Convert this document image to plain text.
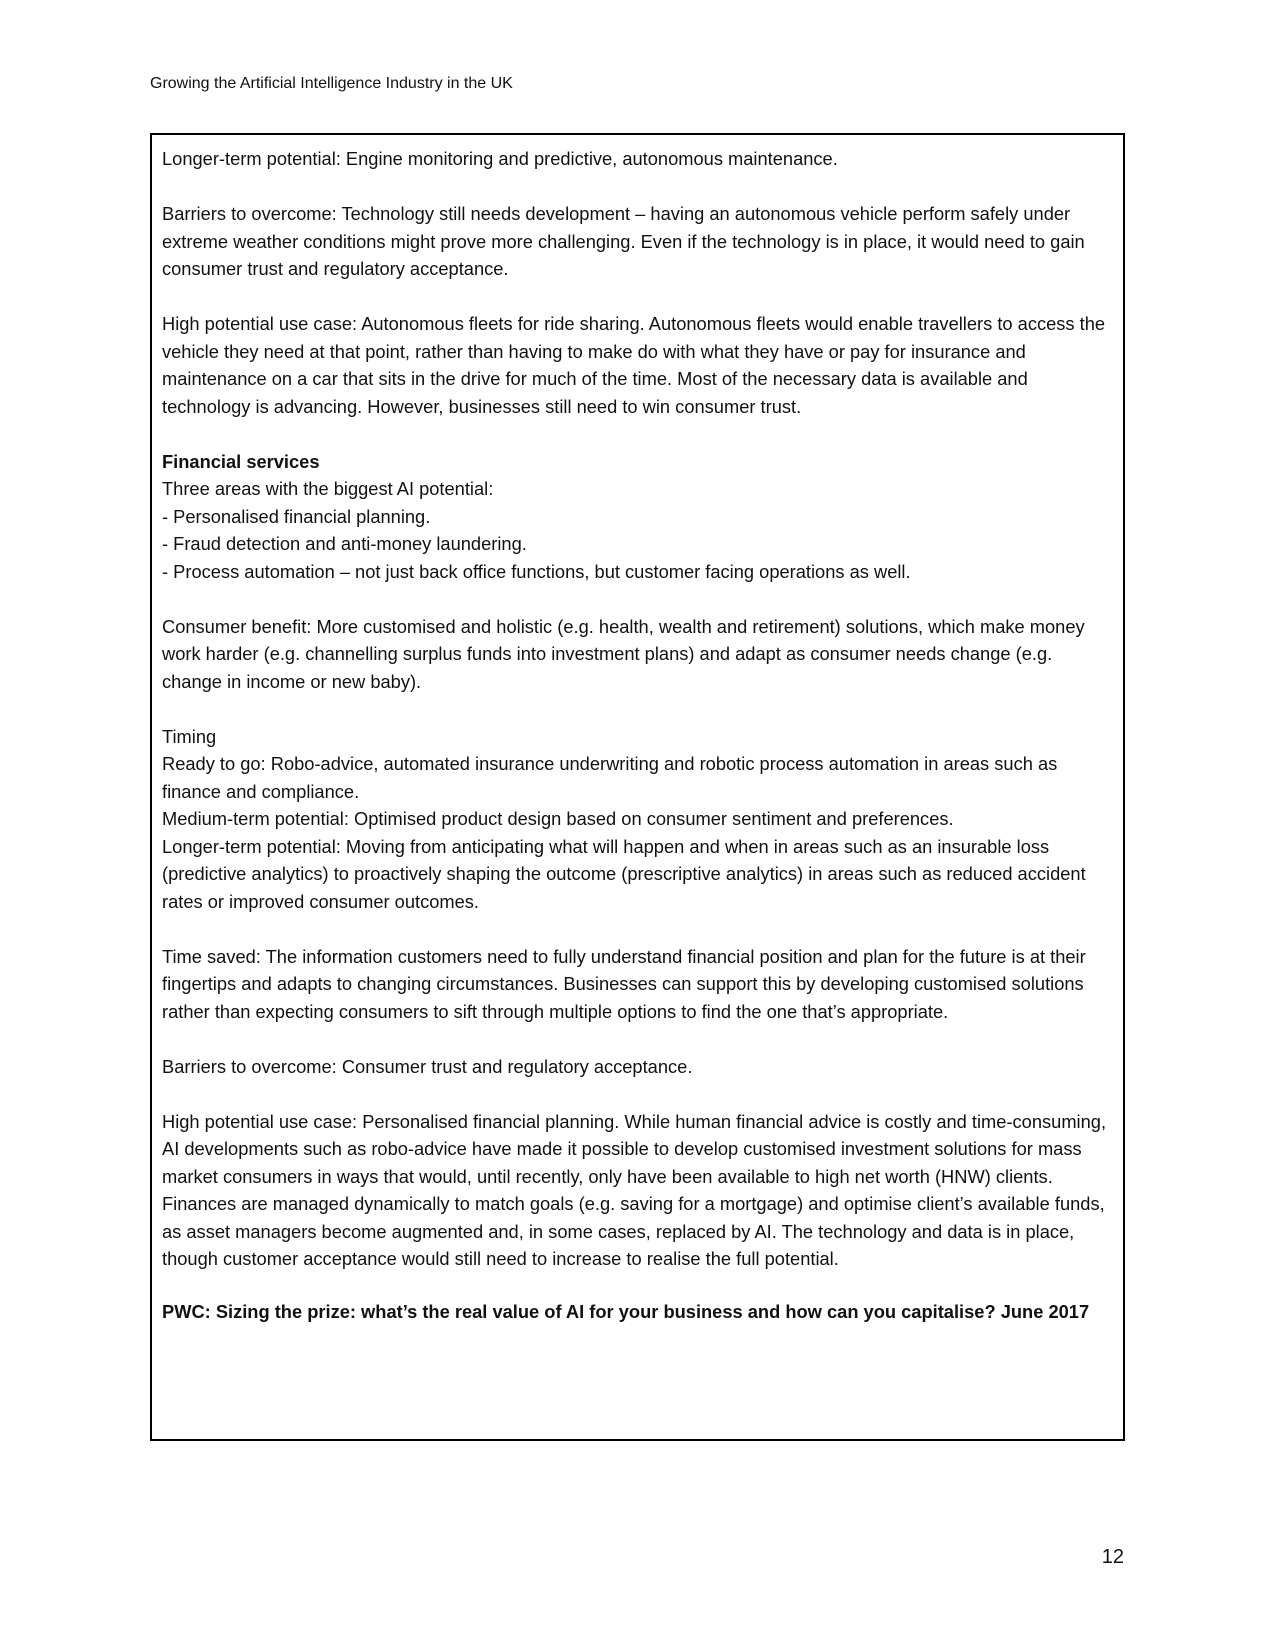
Growing the Artificial Intelligence Industry in the UK

Longer-term potential: Engine monitoring and predictive, autonomous maintenance.

Barriers to overcome: Technology still needs development – having an autonomous vehicle perform safely under extreme weather conditions might prove more challenging. Even if the technology is in place, it would need to gain consumer trust and regulatory acceptance.

High potential use case: Autonomous fleets for ride sharing. Autonomous fleets would enable travellers to access the vehicle they need at that point, rather than having to make do with what they have or pay for insurance and maintenance on a car that sits in the drive for much of the time. Most of the necessary data is available and technology is advancing. However, businesses still need to win consumer trust.

Financial services

Three areas with the biggest AI potential:

- Personalised financial planning.

- Fraud detection and anti-money laundering.

- Process automation – not just back office functions, but customer facing operations as well.

Consumer benefit: More customised and holistic (e.g. health, wealth and retirement) solutions, which make money work harder (e.g. channelling surplus funds into investment plans) and adapt as consumer needs change (e.g. change in income or new baby).

Timing

Ready to go: Robo-advice, automated insurance underwriting and robotic process automation in areas such as finance and compliance.

Medium-term potential: Optimised product design based on consumer sentiment and preferences.

Longer-term potential: Moving from anticipating what will happen and when in areas such as an insurable loss (predictive analytics) to proactively shaping the outcome (prescriptive analytics) in areas such as reduced accident rates or improved consumer outcomes.

Time saved: The information customers need to fully understand financial position and plan for the future is at their fingertips and adapts to changing circumstances. Businesses can support this by developing customised solutions rather than expecting consumers to sift through multiple options to find the one that’s appropriate.

Barriers to overcome: Consumer trust and regulatory acceptance.

High potential use case: Personalised financial planning. While human financial advice is costly and time-consuming, AI developments such as robo-advice have made it possible to develop customised investment solutions for mass market consumers in ways that would, until recently, only have been available to high net worth (HNW) clients. Finances are managed dynamically to match goals (e.g. saving for a mortgage) and optimise client’s available funds, as asset managers become augmented and, in some cases, replaced by AI. The technology and data is in place, though customer acceptance would still need to increase to realise the full potential.

PWC: Sizing the prize: what’s the real value of AI for your business and how can you capitalise? June 2017

12
